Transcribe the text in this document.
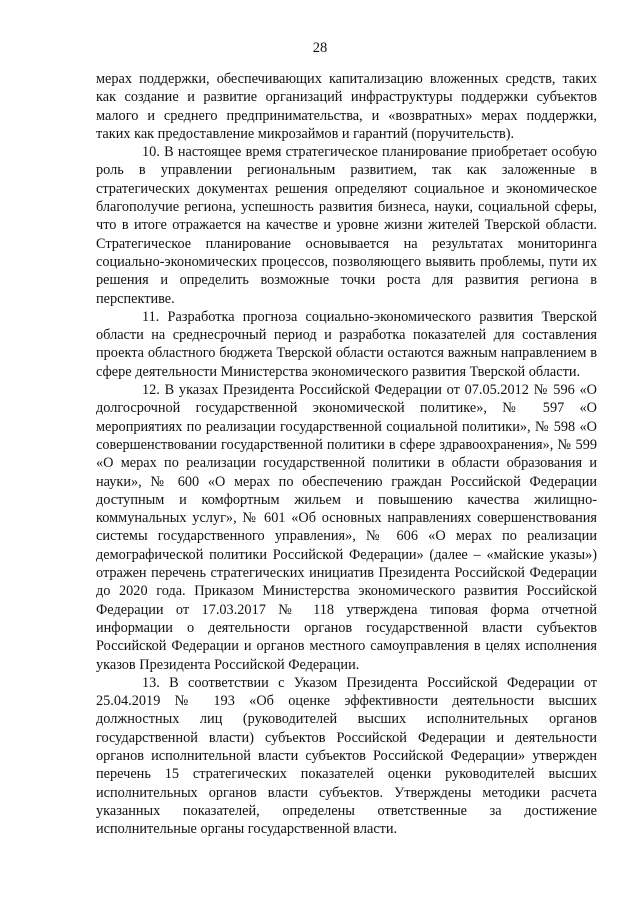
28

мерах поддержки, обеспечивающих капитализацию вложенных средств, таких как создание и развитие организаций инфраструктуры поддержки субъектов малого и среднего предпринимательства, и «возвратных» мерах поддержки, таких как предоставление микрозаймов и гарантий (поручительств).

10. В настоящее время стратегическое планирование приобретает особую роль в управлении региональным развитием, так как заложенные в стратегических документах решения определяют социальное и экономическое благополучие региона, успешность развития бизнеса, науки, социальной сферы, что в итоге отражается на качестве и уровне жизни жителей Тверской области. Стратегическое планирование основывается на результатах мониторинга социально-экономических процессов, позволяющего выявить проблемы, пути их решения и определить возможные точки роста для развития региона в перспективе.

11. Разработка прогноза социально-экономического развития Тверской области на среднесрочный период и разработка показателей для составления проекта областного бюджета Тверской области остаются важным направлением в сфере деятельности Министерства экономического развития Тверской области.

12. В указах Президента Российской Федерации от 07.05.2012 № 596 «О долгосрочной государственной экономической политике», № 597 «О мероприятиях по реализации государственной социальной политики», № 598 «О совершенствовании государственной политики в сфере здравоохранения», № 599 «О мерах по реализации государственной политики в области образования и науки», № 600 «О мерах по обеспечению граждан Российской Федерации доступным и комфортным жильем и повышению качества жилищно-коммунальных услуг», № 601 «Об основных направлениях совершенствования системы государственного управления», № 606 «О мерах по реализации демографической политики Российской Федерации» (далее – «майские указы») отражен перечень стратегических инициатив Президента Российской Федерации до 2020 года. Приказом Министерства экономического развития Российской Федерации от 17.03.2017 № 118 утверждена типовая форма отчетной информации о деятельности органов государственной власти субъектов Российской Федерации и органов местного самоуправления в целях исполнения указов Президента Российской Федерации.

13. В соответствии с Указом Президента Российской Федерации от 25.04.2019 № 193 «Об оценке эффективности деятельности высших должностных лиц (руководителей высших исполнительных органов государственной власти) субъектов Российской Федерации и деятельности органов исполнительной власти субъектов Российской Федерации» утвержден перечень 15 стратегических показателей оценки руководителей высших исполнительных органов власти субъектов. Утверждены методики расчета указанных показателей, определены ответственные за достижение исполнительные органы государственной власти.
